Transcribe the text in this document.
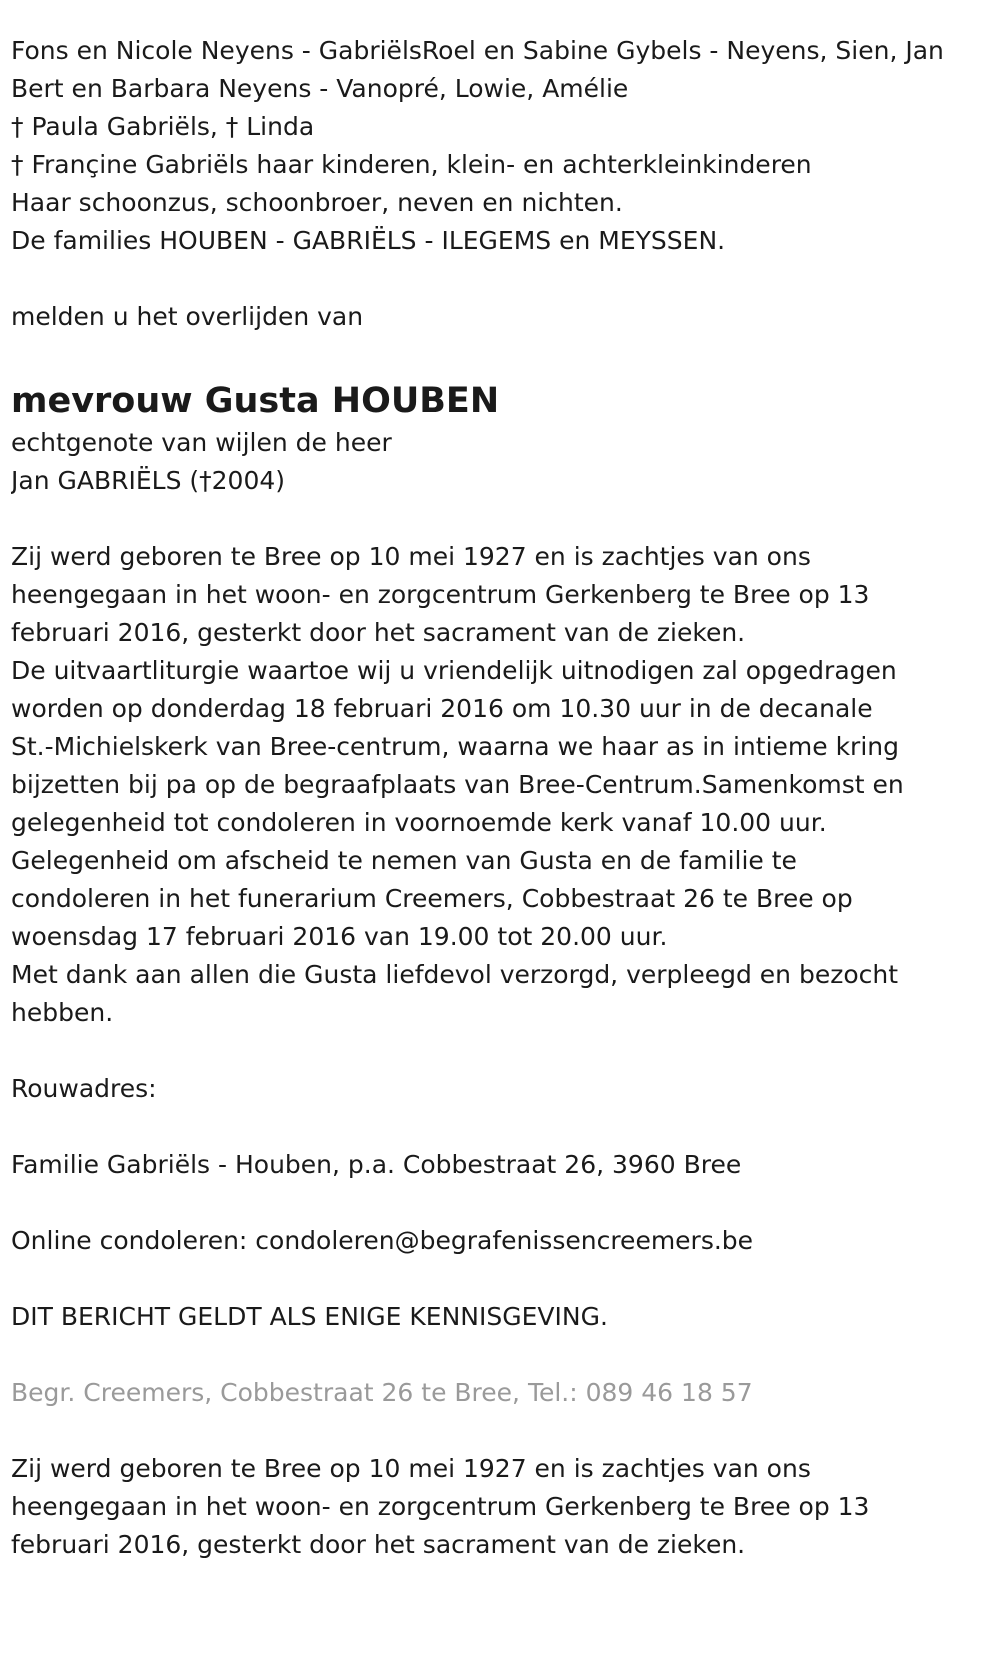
Fons en Nicole Neyens - GabriëlsRoel en Sabine Gybels - Neyens, Sien, Jan
Bert en Barbara Neyens - Vanopré, Lowie, Amélie
† Paula Gabriëls, † Linda
† Françine Gabriëls haar kinderen, klein- en achterkleinkinderen
Haar schoonzus, schoonbroer, neven en nichten.
De families HOUBEN - GABRIËLS - ILEGEMS en MEYSSEN.
melden u het overlijden van
mevrouw Gusta HOUBEN
echtgenote van wijlen de heer
Jan GABRIËLS (†2004)
Zij werd geboren te Bree op 10 mei 1927 en is zachtjes van ons
heengegaan in het woon- en zorgcentrum Gerkenberg te Bree op 13
februari 2016, gesterkt door het sacrament van de zieken.
De uitvaartliturgie waartoe wij u vriendelijk uitnodigen zal opgedragen
worden op donderdag 18 februari 2016 om 10.30 uur in de decanale
St.-Michielskerk van Bree-centrum, waarna we haar as in intieme kring
bijzetten bij pa op de begraafplaats van Bree-Centrum.Samenkomst en
gelegenheid tot condoleren in voornoemde kerk vanaf 10.00 uur.
Gelegenheid om afscheid te nemen van Gusta en de familie te
condoleren in het funerarium Creemers, Cobbestraat 26 te Bree op
woensdag 17 februari 2016 van 19.00 tot 20.00 uur.
Met dank aan allen die Gusta liefdevol verzorgd, verpleegd en bezocht
hebben.
Rouwadres:
Familie Gabriëls - Houben, p.a. Cobbestraat 26, 3960 Bree
Online condoleren: condoleren@begrafenissencreemers.be
DIT BERICHT GELDT ALS ENIGE KENNISGEVING.
Begr. Creemers, Cobbestraat 26 te Bree, Tel.: 089 46 18 57
Zij werd geboren te Bree op 10 mei 1927 en is zachtjes van ons
heengegaan in het woon- en zorgcentrum Gerkenberg te Bree op 13
februari 2016, gesterkt door het sacrament van de zieken.
